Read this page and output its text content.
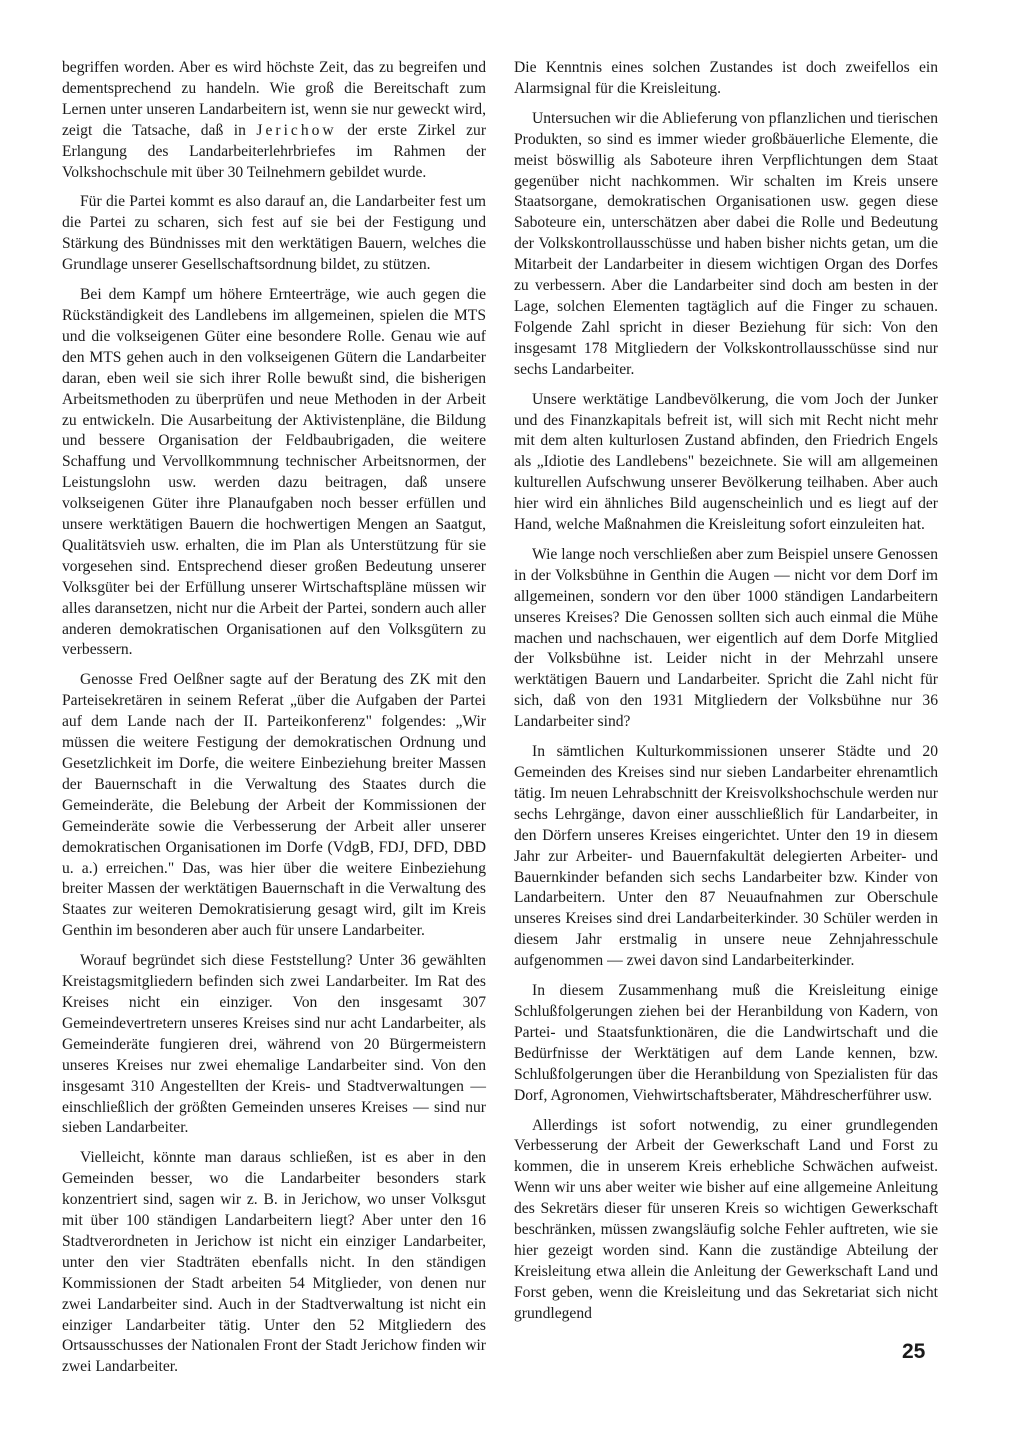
begriffen worden. Aber es wird höchste Zeit, das zu begreifen und dementsprechend zu handeln. Wie groß die Bereitschaft zum Lernen unter unseren Landarbeitern ist, wenn sie nur geweckt wird, zeigt die Tatsache, daß in Jerichow der erste Zirkel zur Erlangung des Landarbeiterlehrbriefes im Rahmen der Volkshochschule mit über 30 Teilnehmern gebildet wurde.

Für die Partei kommt es also darauf an, die Landarbeiter fest um die Partei zu scharen, sich fest auf sie bei der Festigung und Stärkung des Bündnisses mit den werktätigen Bauern, welches die Grundlage unserer Gesellschaftsordnung bildet, zu stützen.

Bei dem Kampf um höhere Ernteerträge, wie auch gegen die Rückständigkeit des Landlebens im allgemeinen, spielen die MTS und die volkseigenen Güter eine besondere Rolle. Genau wie auf den MTS gehen auch in den volkseigenen Gütern die Landarbeiter daran, eben weil sie sich ihrer Rolle bewußt sind, die bisherigen Arbeitsmethoden zu überprüfen und neue Methoden in der Arbeit zu entwickeln. Die Ausarbeitung der Aktivistenpläne, die Bildung und bessere Organisation der Feldbaubrigaden, die weitere Schaffung und Vervollkommnung technischer Arbeitsnormen, der Leistungslohn usw. werden dazu beitragen, daß unsere volkseigenen Güter ihre Planaufgaben noch besser erfüllen und unsere werktätigen Bauern die hochwertigen Mengen an Saatgut, Qualitätsvieh usw. erhalten, die im Plan als Unterstützung für sie vorgesehen sind. Entsprechend dieser großen Bedeutung unserer Volksgüter bei der Erfüllung unserer Wirtschaftspläne müssen wir alles daransetzen, nicht nur die Arbeit der Partei, sondern auch aller anderen demokratischen Organisationen auf den Volksgütern zu verbessern.

Genosse Fred Oelßner sagte auf der Beratung des ZK mit den Parteisekretären in seinem Referat „über die Aufgaben der Partei auf dem Lande nach der II. Parteikonferenz" folgendes: „Wir müssen die weitere Festigung der demokratischen Ordnung und Gesetzlichkeit im Dorfe, die weitere Einbeziehung breiter Massen der Bauernschaft in die Verwaltung des Staates durch die Gemeinderäte, die Belebung der Arbeit der Kommissionen der Gemeinderäte sowie die Verbesserung der Arbeit aller unserer demokratischen Organisationen im Dorfe (VdgB, FDJ, DFD, DBD u. a.) erreichen." Das, was hier über die weitere Einbeziehung breiter Massen der werktätigen Bauernschaft in die Verwaltung des Staates zur weiteren Demokratisierung gesagt wird, gilt im Kreis Genthin im besonderen aber auch für unsere Landarbeiter.

Worauf begründet sich diese Feststellung? Unter 36 gewählten Kreistagsmitgliedern befinden sich zwei Landarbeiter. Im Rat des Kreises nicht ein einziger. Von den insgesamt 307 Gemeindevertretern unseres Kreises sind nur acht Landarbeiter, als Gemeinderäte fungieren drei, während von 20 Bürgermeistern unseres Kreises nur zwei ehemalige Landarbeiter sind. Von den insgesamt 310 Angestellten der Kreis- und Stadtverwaltungen — einschließlich der größten Gemeinden unseres Kreises — sind nur sieben Landarbeiter.

Vielleicht, könnte man daraus schließen, ist es aber in den Gemeinden besser, wo die Landarbeiter besonders stark konzentriert sind, sagen wir z. B. in Jerichow, wo unser Volksgut mit über 100 ständigen Landarbeitern liegt? Aber unter den 16 Stadtverordneten in Jerichow ist nicht ein einziger Landarbeiter, unter den vier Stadträten ebenfalls nicht. In den ständigen Kommissionen der Stadt arbeiten 54 Mitglieder, von denen nur zwei Landarbeiter sind. Auch in der Stadtverwaltung ist nicht ein einziger Landarbeiter tätig. Unter den 52 Mitgliedern des Ortsausschusses der Nationalen Front der Stadt Jerichow finden wir zwei Landarbeiter.

Die Kenntnis eines solchen Zustandes ist doch zweifellos ein Alarmsignal für die Kreisleitung.

Untersuchen wir die Ablieferung von pflanzlichen und tierischen Produkten, so sind es immer wieder großbäuerliche Elemente, die meist böswillig als Saboteure ihren Verpflichtungen dem Staat gegenüber nicht nachkommen. Wir schalten im Kreis unsere Staatsorgane, demokratischen Organisationen usw. gegen diese Saboteure ein, unterschätzen aber dabei die Rolle und Bedeutung der Volkskontrollausschüsse und haben bisher nichts getan, um die Mitarbeit der Landarbeiter in diesem wichtigen Organ des Dorfes zu verbessern. Aber die Landarbeiter sind doch am besten in der Lage, solchen Elementen tagtäglich auf die Finger zu schauen. Folgende Zahl spricht in dieser Beziehung für sich: Von den insgesamt 178 Mitgliedern der Volkskontrollausschüsse sind nur sechs Landarbeiter.

Unsere werktätige Landbevölkerung, die vom Joch der Junker und des Finanzkapitals befreit ist, will sich mit Recht nicht mehr mit dem alten kulturlosen Zustand abfinden, den Friedrich Engels als „Idiotie des Landlebens" bezeichnete. Sie will am allgemeinen kulturellen Aufschwung unserer Bevölkerung teilhaben. Aber auch hier wird ein ähnliches Bild augenscheinlich und es liegt auf der Hand, welche Maßnahmen die Kreisleitung sofort einzuleiten hat.

Wie lange noch verschließen aber zum Beispiel unsere Genossen in der Volksbühne in Genthin die Augen — nicht vor dem Dorf im allgemeinen, sondern vor den über 1000 ständigen Landarbeitern unseres Kreises? Die Genossen sollten sich auch einmal die Mühe machen und nachschauen, wer eigentlich auf dem Dorfe Mitglied der Volksbühne ist. Leider nicht in der Mehrzahl unsere werktätigen Bauern und Landarbeiter. Spricht die Zahl nicht für sich, daß von den 1931 Mitgliedern der Volksbühne nur 36 Landarbeiter sind?

In sämtlichen Kulturkommissionen unserer Städte und 20 Gemeinden des Kreises sind nur sieben Landarbeiter ehrenamtlich tätig. Im neuen Lehrabschnitt der Kreisvolkshochschule werden nur sechs Lehrgänge, davon einer ausschließlich für Landarbeiter, in den Dörfern unseres Kreises eingerichtet. Unter den 19 in diesem Jahr zur Arbeiter- und Bauernfakultät delegierten Arbeiter- und Bauernkinder befanden sich sechs Landarbeiter bzw. Kinder von Landarbeitern. Unter den 87 Neuaufnahmen zur Oberschule unseres Kreises sind drei Landarbeiterkinder. 30 Schüler werden in diesem Jahr erstmalig in unsere neue Zehnjahresschule aufgenommen — zwei davon sind Landarbeiterkinder.

In diesem Zusammenhang muß die Kreisleitung einige Schlußfolgerungen ziehen bei der Heranbildung von Kadern, von Partei- und Staatsfunktionären, die die Landwirtschaft und die Bedürfnisse der Werktätigen auf dem Lande kennen, bzw. Schlußfolgerungen über die Heranbildung von Spezialisten für das Dorf, Agronomen, Viehwirtschaftsberater, Mähdrescherführer usw.

Allerdings ist sofort notwendig, zu einer grundlegenden Verbesserung der Arbeit der Gewerkschaft Land und Forst zu kommen, die in unserem Kreis erhebliche Schwächen aufweist. Wenn wir uns aber weiter wie bisher auf eine allgemeine Anleitung des Sekretärs dieser für unseren Kreis so wichtigen Gewerkschaft beschränken, müssen zwangsläufig solche Fehler auftreten, wie sie hier gezeigt worden sind. Kann die zuständige Abteilung der Kreisleitung etwa allein die Anleitung der Gewerkschaft Land und Forst geben, wenn die Kreisleitung und das Sekretariat sich nicht grundlegend

25
